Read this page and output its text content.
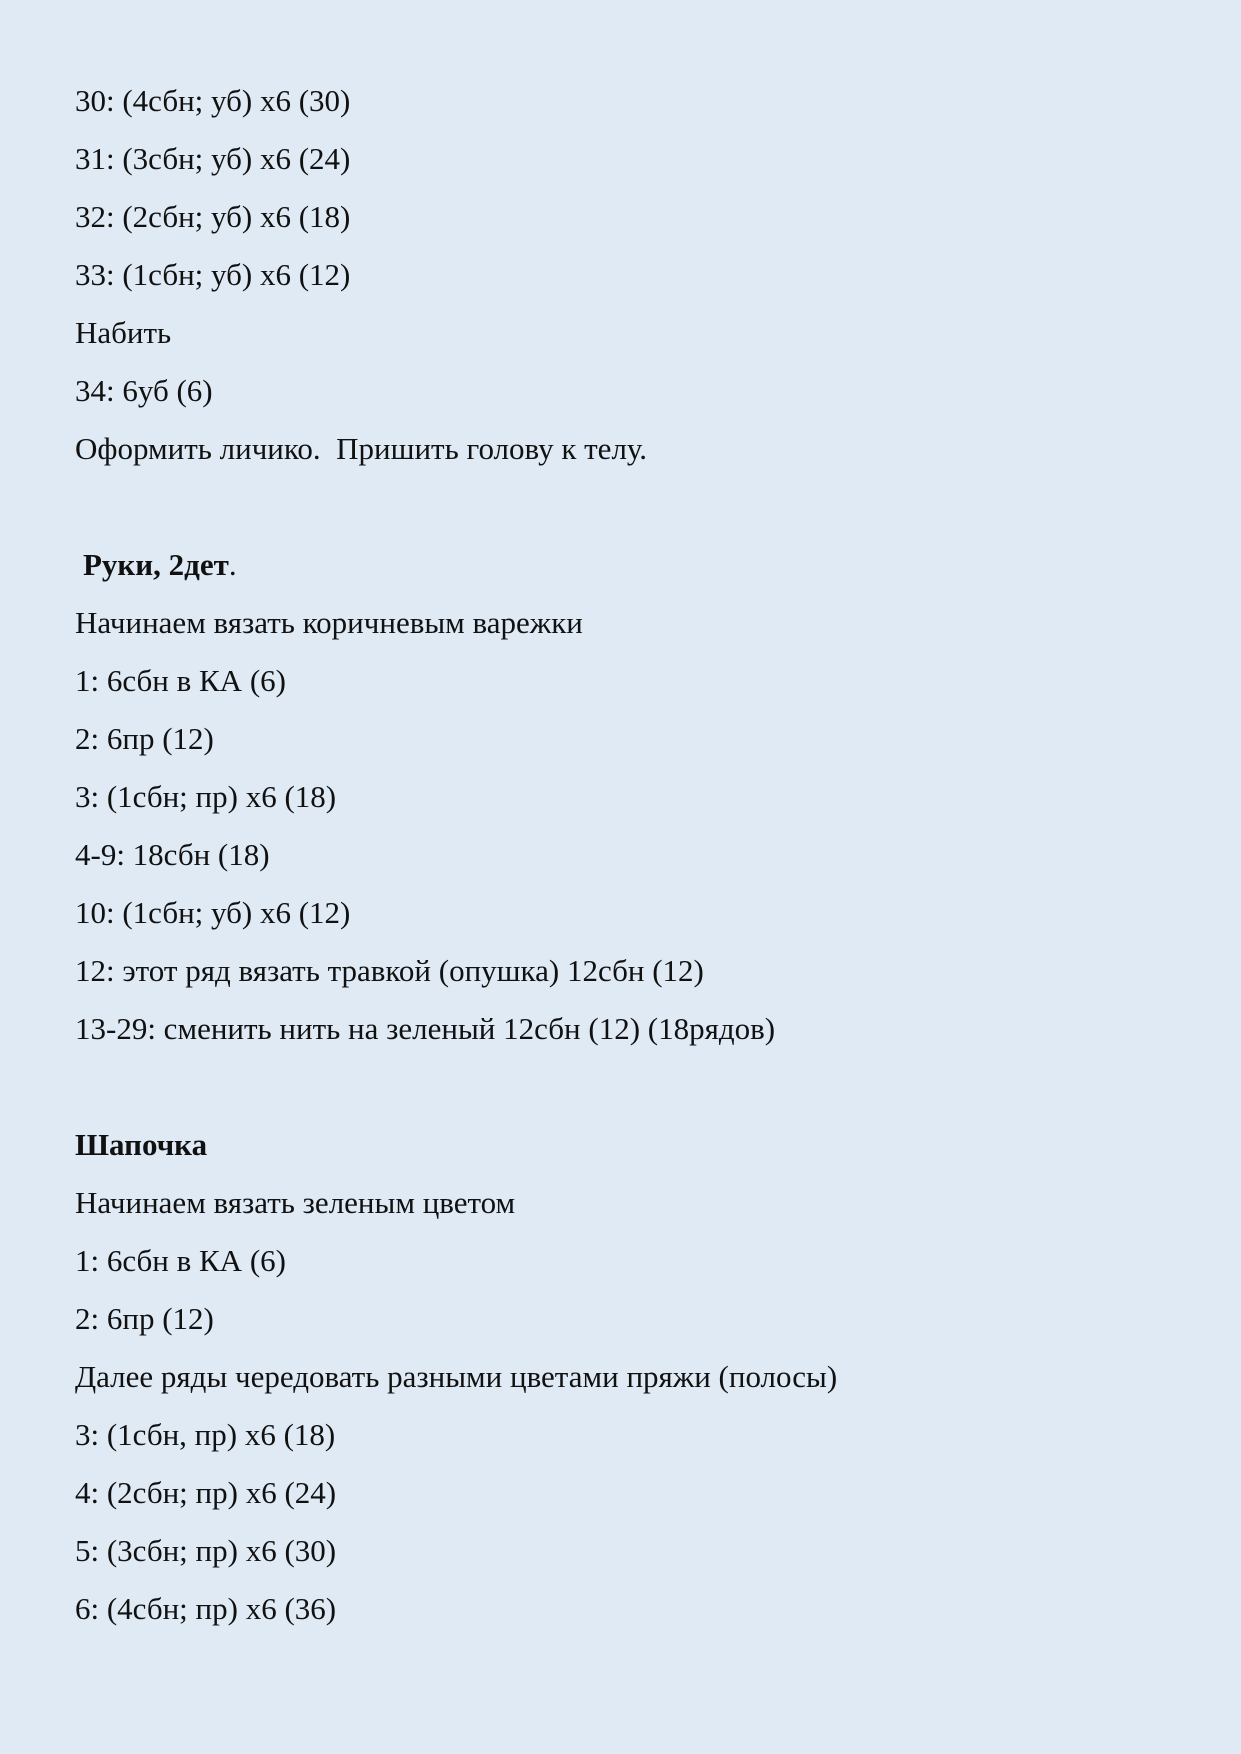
30: (4сбн; уб) х6 (30)
31: (3сбн; уб) х6 (24)
32: (2сбн; уб) х6 (18)
33: (1сбн; уб) х6 (12)
Набить
34: 6уб (6)
Оформить личико.  Пришить голову к телу.
Руки, 2дет.
Начинаем вязать коричневым варежки
1: 6сбн в КА (6)
2: 6пр (12)
3: (1сбн; пр) х6 (18)
4-9: 18сбн (18)
10: (1сбн; уб) х6 (12)
12: этот ряд вязать травкой (опушка) 12сбн (12)
13-29: сменить нить на зеленый 12сбн (12) (18рядов)
Шапочка
Начинаем вязать зеленым цветом
1: 6сбн в КА (6)
2: 6пр (12)
Далее ряды чередовать разными цветами пряжи (полосы)
3: (1сбн, пр) х6 (18)
4: (2сбн; пр) х6 (24)
5: (3сбн; пр) х6 (30)
6: (4сбн; пр) х6 (36)
